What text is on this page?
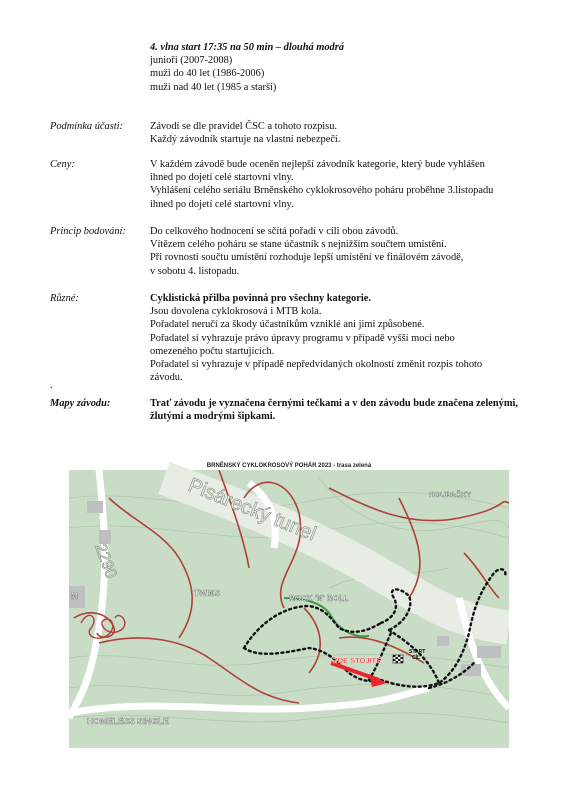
4. vlna start 17:35 na 50 min – dlouhá modrá
junioři (2007-2008)
muži do 40 let (1986-2006)
muži nad 40 let (1985 a starší)
Podmínka účasti:	Závodí se dle pravidel ČSC a tohoto rozpisu.
Každý závodník startuje na vlastní nebezpečí.
Ceny:	V každém závodě bude oceněn nejlepší závodník kategorie, který bude vyhlášen
ihned po dojetí celé startovní vlny.
Vyhlášení celého seriálu Brněnského cyklokrosového poháru proběhne 3.listopadu
ihned po dojetí celé startovní vlny.
Princip bodování: Do celkového hodnocení se sčítá pořadí v cíli obou závodů.
Vítězem celého poháru se stane účastník s nejnižším součtem umístění.
Při rovnosti součtu umístění rozhoduje lepší umístění ve finálovém závodě,
v sobotu 4. listopadu.
Různé:	Cyklistická přilba povinná pro všechny kategorie.
Jsou dovolena cyklokrosová i MTB kola.
Pořadatel neručí za škody účastníkům vzniklé ani jimi způsobené.
Pořadatel si vyhrazuje právo úpravy programu v případě vyšší moci nebo
omezeného počtu startujících.
Pořadatel si vyhrazuje v případě nepředvídaných okolností změnit rozpis tohoto
závodu.
.
Mapy závodu:	Trať závodu je vyznačena černými tečkami a v den závodu bude značena zelenými,
žlutými a modrými šipkami.
BRNĚNSKÝ CYKLOKROSOVÝ POHÁR 2023 - trasa zelená
HOUPAČKY
Pisárecký tunel
2290
M	TWINS
ROCK 'N' ROLL
ZDE STOJÍTE
START
CÍL
HOMELESS SINGLE
